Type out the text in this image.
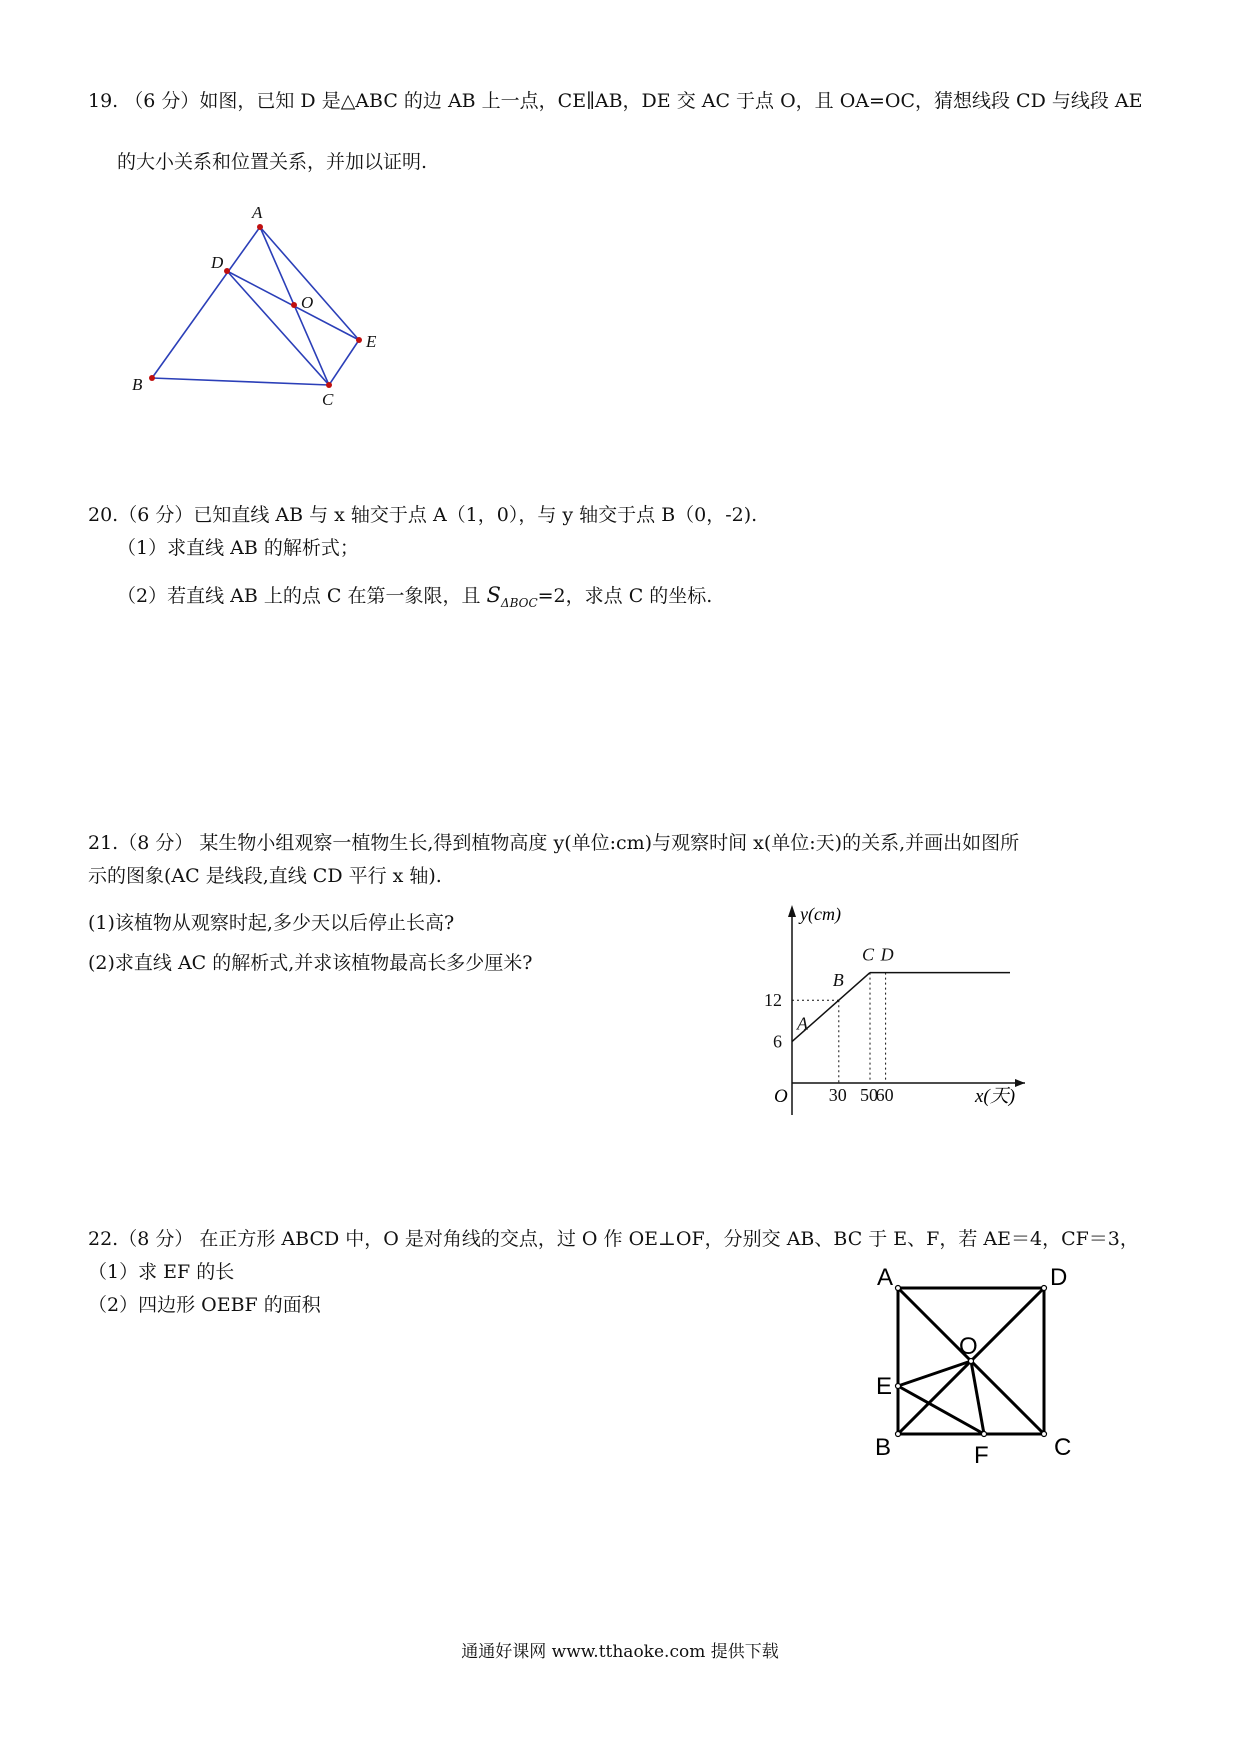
19. （6 分）如图，已知 D 是△ABC 的边 AB 上一点，CE∥AB，DE 交 AC 于点 O，且 OA=OC，猜想线段 CD 与线段 AE
的大小关系和位置关系，并加以证明.
A
D
O
E
B
C
20.（6 分）已知直线 AB 与 x 轴交于点 A（1，0），与 y 轴交于点 B（0，-2).
（1）求直线 AB 的解析式；
（2）若直线 AB 上的点 C 在第一象限，且 $S_{\Delta BOC}=2$，求点 C 的坐标.
21.（8 分） 某生物小组观察一植物生长,得到植物高度 y(单位:cm)与观察时间 x(单位:天)的关系,并画出如图所
示的图象(AC 是线段,直线 CD 平行 x 轴).
(1)该植物从观察时起,多少天以后停止长高?
(2)求直线 AC 的解析式,并求该植物最高长多少厘米?
A
B
C D
30 50
60
6
12
y(cm)
x(天)
O
22.（8 分） 在正方形 ABCD 中，O 是对角线的交点，过 O 作 OE⊥OF，分别交 AB、BC 于 E、F，若 AE＝4，CF＝3，
（1）求 EF 的长
（2）四边形 OEBF 的面积
A	D
O
E
B	F	C
通通好课网 www.tthaoke.com 提供下载
